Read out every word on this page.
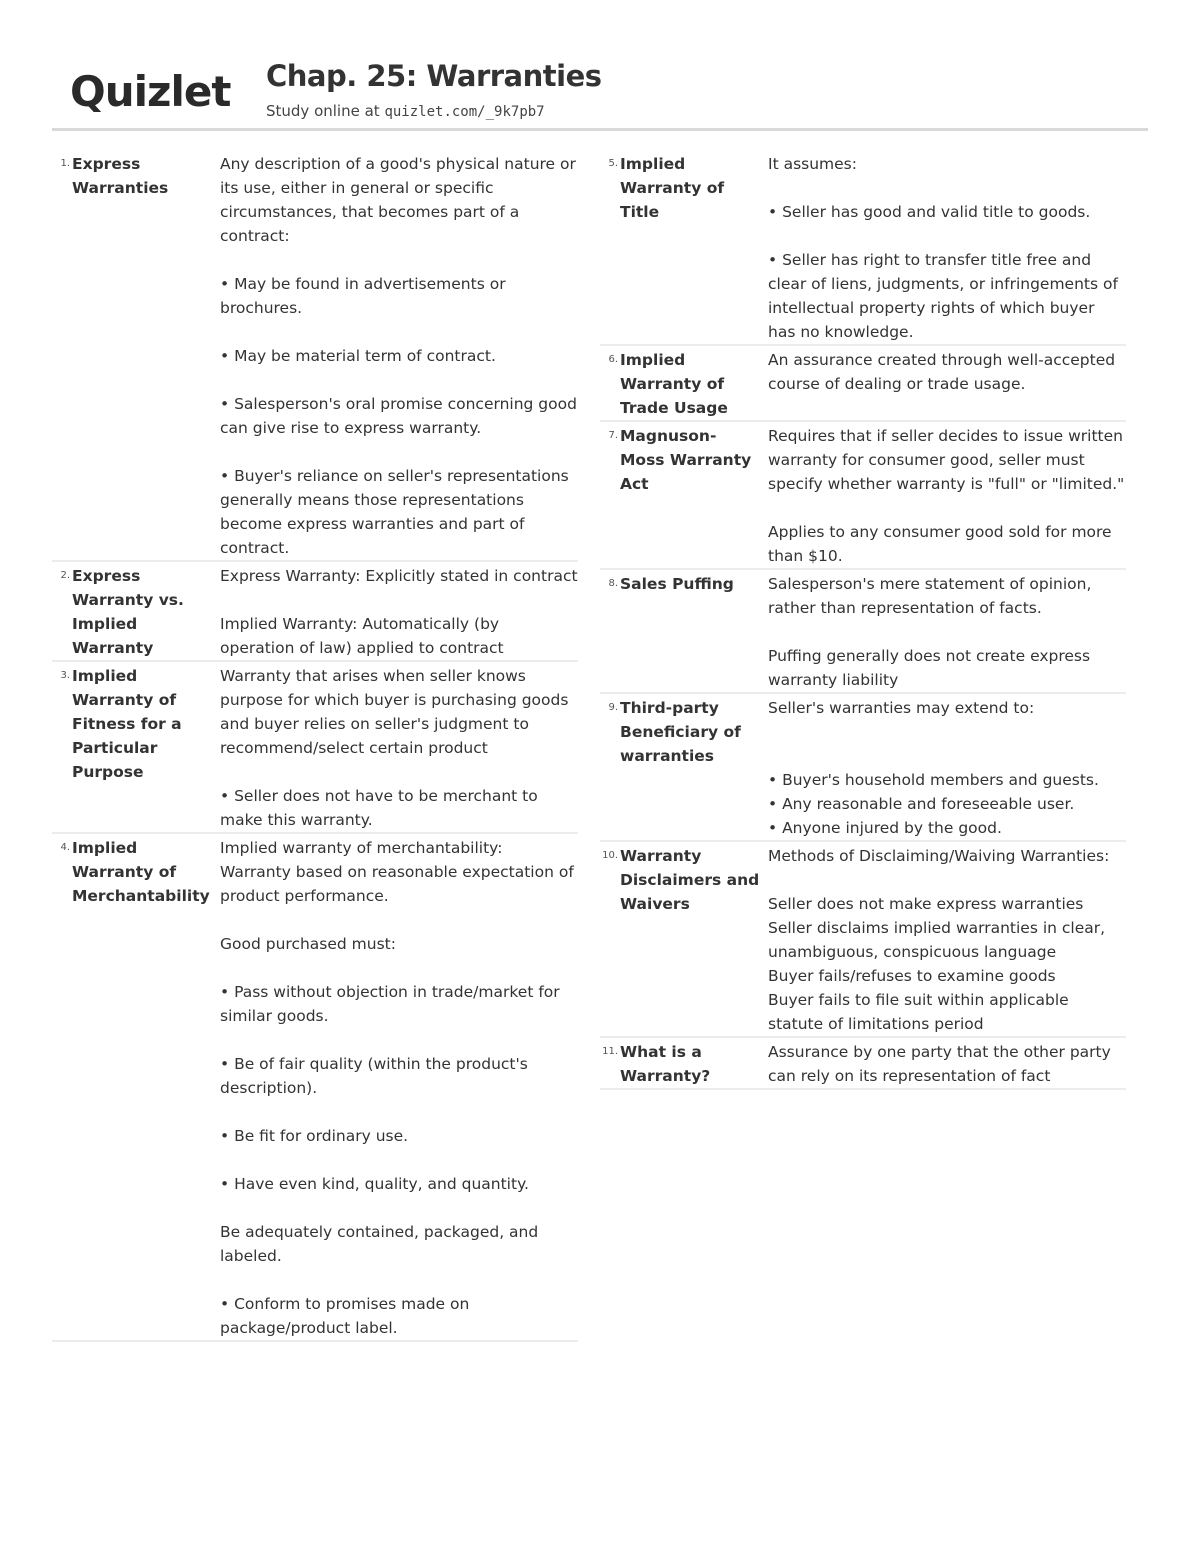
Quizlet Chap. 25: Warranties
Study online at quizlet.com/_9k7pb7
1. Express Warranties
Any description of a good's physical nature or its use, either in general or specific circumstances, that becomes part of a contract:
• May be found in advertisements or brochures.
• May be material term of contract.
• Salesperson's oral promise concerning good can give rise to express warranty.
• Buyer's reliance on seller's representations generally means those representations become express warranties and part of contract.
2. Express Warranty vs. Implied Warranty
Express Warranty: Explicitly stated in contract
Implied Warranty: Automatically (by operation of law) applied to contract
3. Implied Warranty of Fitness for a Particular Purpose
Warranty that arises when seller knows purpose for which buyer is purchasing goods and buyer relies on seller's judgment to recommend/select certain product
• Seller does not have to be merchant to make this warranty.
4. Implied Warranty of Merchantability
Implied warranty of merchantability: Warranty based on reasonable expectation of product performance.
Good purchased must:
• Pass without objection in trade/market for similar goods.
• Be of fair quality (within the product's description).
• Be fit for ordinary use.
• Have even kind, quality, and quantity.
Be adequately contained, packaged, and labeled.
• Conform to promises made on package/product label.
5. Implied Warranty of Title
It assumes:
• Seller has good and valid title to goods.
• Seller has right to transfer title free and clear of liens, judgments, or infringements of intellectual property rights of which buyer has no knowledge.
6. Implied Warranty of Trade Usage
An assurance created through well-accepted course of dealing or trade usage.
7. Magnuson-Moss Warranty Act
Requires that if seller decides to issue written warranty for consumer good, seller must specify whether warranty is "full" or "limited."
Applies to any consumer good sold for more than $10.
8. Sales Puffing	Salesperson's mere statement of opinion, rather than representation of facts.
Puffing generally does not create express warranty liability
9. Third-party Beneficiary of warranties
Seller's warranties may extend to:
• Buyer's household members and guests.
• Any reasonable and foreseeable user.
• Anyone injured by the good.
10. Warranty Disclaimers and Waivers
Methods of Disclaiming/Waiving Warranties:
Seller does not make express warranties
Seller disclaims implied warranties in clear, unambiguous, conspicuous language
Buyer fails/refuses to examine goods
Buyer fails to file suit within applicable statute of limitations period
11. What is a Warranty?
Assurance by one party that the other party can rely on its representation of fact
